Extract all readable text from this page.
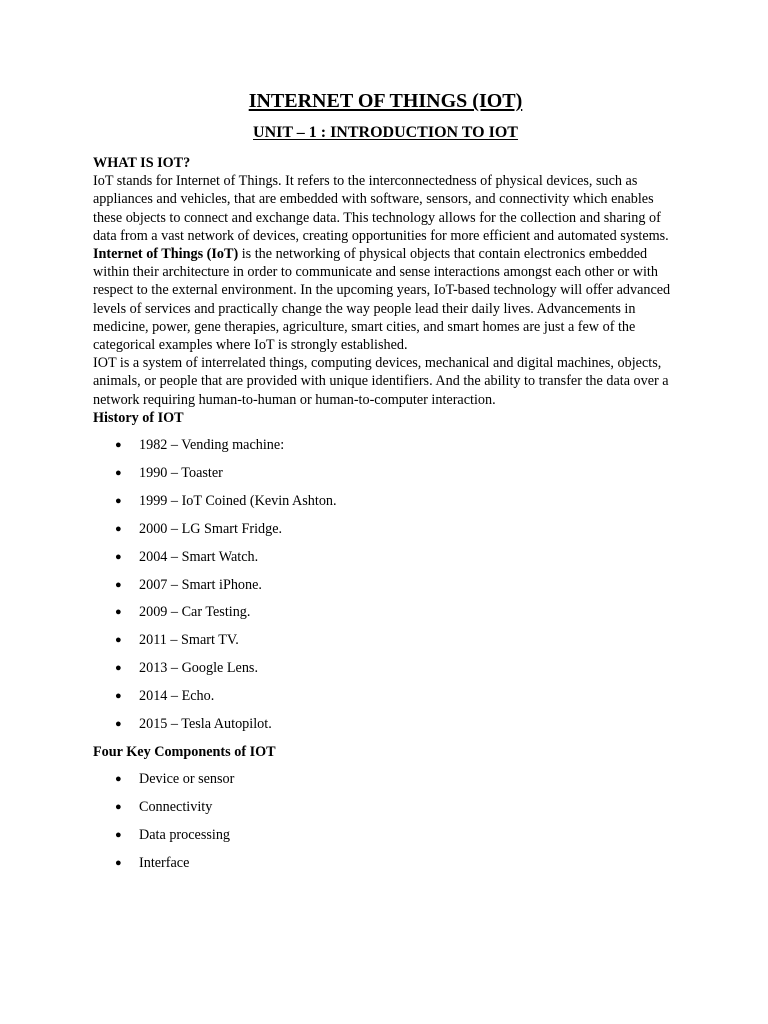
INTERNET OF THINGS (IOT)
UNIT – 1 : INTRODUCTION TO IOT
WHAT IS IOT?

IoT stands for Internet of Things. It refers to the interconnectedness of physical devices, such as appliances and vehicles, that are embedded with software, sensors, and connectivity which enables these objects to connect and exchange data. This technology allows for the collection and sharing of data from a vast network of devices, creating opportunities for more efficient and automated systems.

Internet of Things (IoT) is the networking of physical objects that contain electronics embedded within their architecture in order to communicate and sense interactions amongst each other or with respect to the external environment. In the upcoming years, IoT-based technology will offer advanced levels of services and practically change the way people lead their daily lives. Advancements in medicine, power, gene therapies, agriculture, smart cities, and smart homes are just a few of the categorical examples where IoT is strongly established.

IOT is a system of interrelated things, computing devices, mechanical and digital machines, objects, animals, or people that are provided with unique identifiers. And the ability to transfer the data over a network requiring human-to-human or human-to-computer interaction.

History of IOT
● 1982 – Vending machine:
● 1990 – Toaster
● 1999 – IoT Coined (Kevin Ashton.
● 2000 – LG Smart Fridge.
● 2004 – Smart Watch.
● 2007 – Smart iPhone.
● 2009 – Car Testing.
● 2011 – Smart TV.
● 2013 – Google Lens.
● 2014 – Echo.
● 2015 – Tesla Autopilot.
Four Key Components of IOT
● Device or sensor
● Connectivity
● Data processing
● Interface
